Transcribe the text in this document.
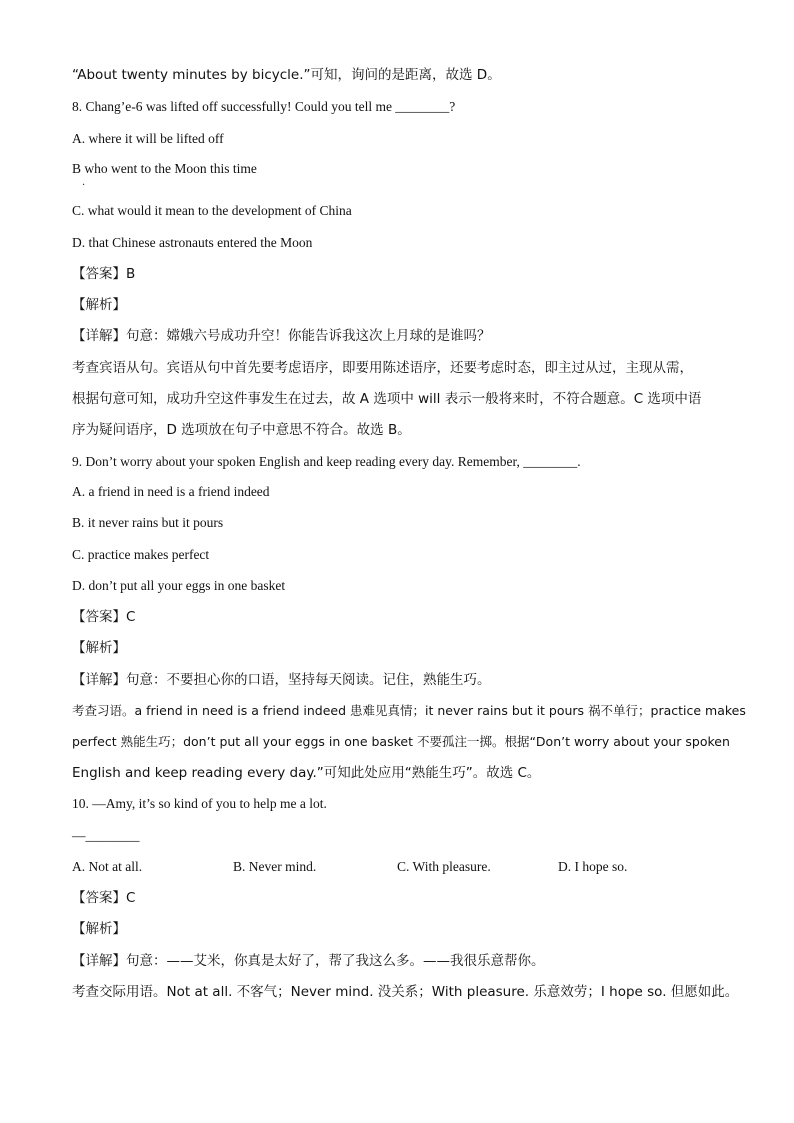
“About twenty minutes by bicycle.”可知，询问的是距离，故选 D。
8. Chang’e-6 was lifted off successfully! Could you tell me ________?
A. where it will be lifted off
B who went to the Moon this time
.
C. what would it mean to the development of China
D. that Chinese astronauts entered the Moon
【答案】B
【解析】
【详解】句意：嫦娥六号成功升空！你能告诉我这次上月球的是谁吗？
考查宾语从句。宾语从句中首先要考虑语序，即要用陈述语序，还要考虑时态，即主过从过，主现从需，
根据句意可知，成功升空这件事发生在过去，故 A 选项中 will 表示一般将来时，不符合题意。C 选项中语
序为疑问语序，D 选项放在句子中意思不符合。故选 B。
9. Don’t worry about your spoken English and keep reading every day. Remember, ________.
A. a friend in need is a friend indeed
B. it never rains but it pours
C. practice makes perfect
D. don’t put all your eggs in one basket
【答案】C
【解析】
【详解】句意：不要担心你的口语，坚持每天阅读。记住，熟能生巧。
考查习语。a friend in need is a friend indeed 患难见真情；it never rains but it pours 祸不单行；practice makes
perfect 熟能生巧；don’t put all your eggs in one basket 不要孤注一掷。根据“Don’t worry about your spoken
English and keep reading every day.”可知此处应用“熟能生巧”。故选 C。
10. —Amy, it’s so kind of you to help me a lot.
—________
A. Not at all.	B. Never mind.	C. With pleasure.	D. I hope so.
【答案】C
【解析】
【详解】句意：——艾米，你真是太好了，帮了我这么多。——我很乐意帮你。
考查交际用语。Not at all. 不客气；Never mind. 没关系；With pleasure. 乐意效劳；I hope so. 但愿如此。
